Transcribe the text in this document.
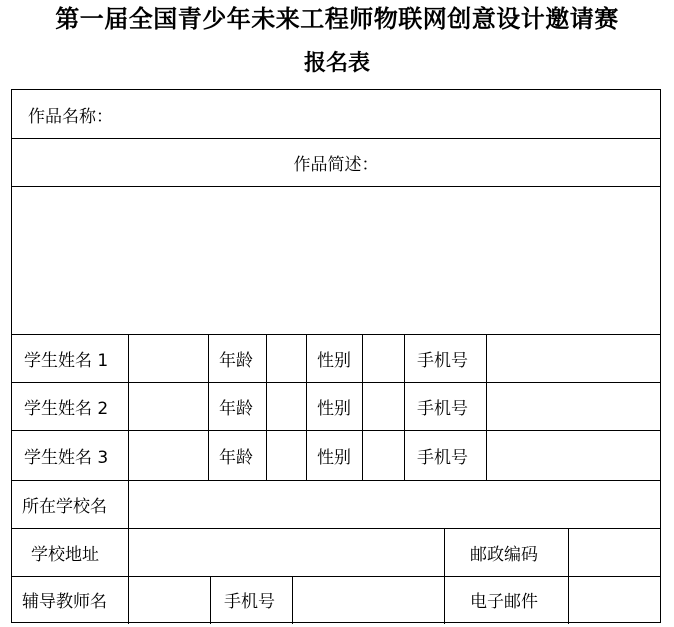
第一届全国青少年未来工程师物联网创意设计邀请赛
报名表
作品名称：
作品简述：
学生姓名 1	年龄	性别	手机号
学生姓名 2	年龄	性别	手机号
学生姓名 3	年龄	性别	手机号
所在学校名
学校地址	邮政编码
辅导教师名	手机号	电子邮件
